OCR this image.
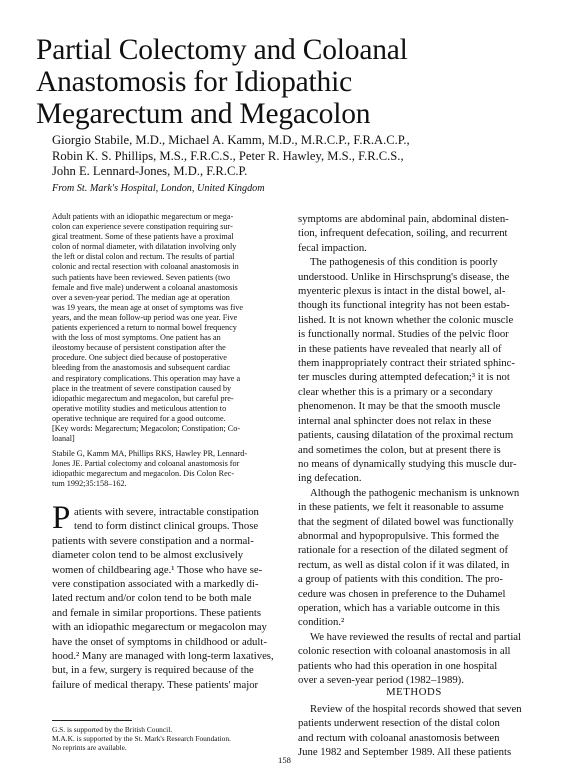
Partial Colectomy and Coloanal
Anastomosis for Idiopathic
Megarectum and Megacolon
Giorgio Stabile, M.D., Michael A. Kamm, M.D., M.R.C.P., F.R.A.C.P.,
Robin K. S. Phillips, M.S., F.R.C.S., Peter R. Hawley, M.S., F.R.C.S.,
John E. Lennard-Jones, M.D., F.R.C.P.
From St. Mark's Hospital, London, United Kingdom
Adult patients with an idiopathic megarectum or mega-
colon can experience severe constipation requiring sur-
gical treatment. Some of these patients have a proximal
colon of normal diameter, with dilatation involving only
the left or distal colon and rectum. The results of partial
colonic and rectal resection with coloanal anastomosis in
such patients have been reviewed. Seven patients (two
female and five male) underwent a coloanal anastomosis
over a seven-year period. The median age at operation
was 19 years, the mean age at onset of symptoms was five
years, and the mean follow-up period was one year. Five
patients experienced a return to normal bowel frequency
with the loss of most symptoms. One patient has an
ileostomy because of persistent constipation after the
procedure. One subject died because of postoperative
bleeding from the anastomosis and subsequent cardiac
and respiratory complications. This operation may have a
place in the treatment of severe constipation caused by
idiopathic megarectum and megacolon, but careful pre-
operative motility studies and meticulous attention to
operative technique are required for a good outcome.
[Key words: Megarectum; Megacolon; Constipation; Co-
loanal]
Stabile G, Kamm MA, Phillips RKS, Hawley PR, Lennard-
Jones JE. Partial colectomy and coloanal anastomosis for
idiopathic megarectum and megacolon. Dis Colon Rec-
tum 1992;35:158–162.
P atients with severe, intractable constipation
tend to form distinct clinical groups. Those
patients with severe constipation and a normal-
diameter colon tend to be almost exclusively
women of childbearing age.¹ Those who have se-
vere constipation associated with a markedly di-
lated rectum and/or colon tend to be both male
and female in similar proportions. These patients
with an idiopathic megarectum or megacolon may
have the onset of symptoms in childhood or adult-
hood.² Many are managed with long-term laxatives,
but, in a few, surgery is required because of the
failure of medical therapy. These patients' major
symptoms are abdominal pain, abdominal disten-
tion, infrequent defecation, soiling, and recurrent
fecal impaction.
The pathogenesis of this condition is poorly
understood. Unlike in Hirschsprung's disease, the
myenteric plexus is intact in the distal bowel, al-
though its functional integrity has not been estab-
lished. It is not known whether the colonic muscle
is functionally normal. Studies of the pelvic floor
in these patients have revealed that nearly all of
them inappropriately contract their striated sphinc-
ter muscles during attempted defecation;³ it is not
clear whether this is a primary or a secondary
phenomenon. It may be that the smooth muscle
internal anal sphincter does not relax in these
patients, causing dilatation of the proximal rectum
and sometimes the colon, but at present there is
no means of dynamically studying this muscle dur-
ing defecation.
Although the pathogenic mechanism is unknown
in these patients, we felt it reasonable to assume
that the segment of dilated bowel was functionally
abnormal and hypopropulsive. This formed the
rationale for a resection of the dilated segment of
rectum, as well as distal colon if it was dilated, in
a group of patients with this condition. The pro-
cedure was chosen in preference to the Duhamel
operation, which has a variable outcome in this
condition.²
We have reviewed the results of rectal and partial
colonic resection with coloanal anastomosis in all
patients who had this operation in one hospital
over a seven-year period (1982–1989).
METHODS
Review of the hospital records showed that seven
patients underwent resection of the distal colon
and rectum with coloanal anastomosis between
June 1982 and September 1989. All these patients
G.S. is supported by the British Council.
M.A.K. is supported by the St. Mark's Research Foundation.
No reprints are available.
158
